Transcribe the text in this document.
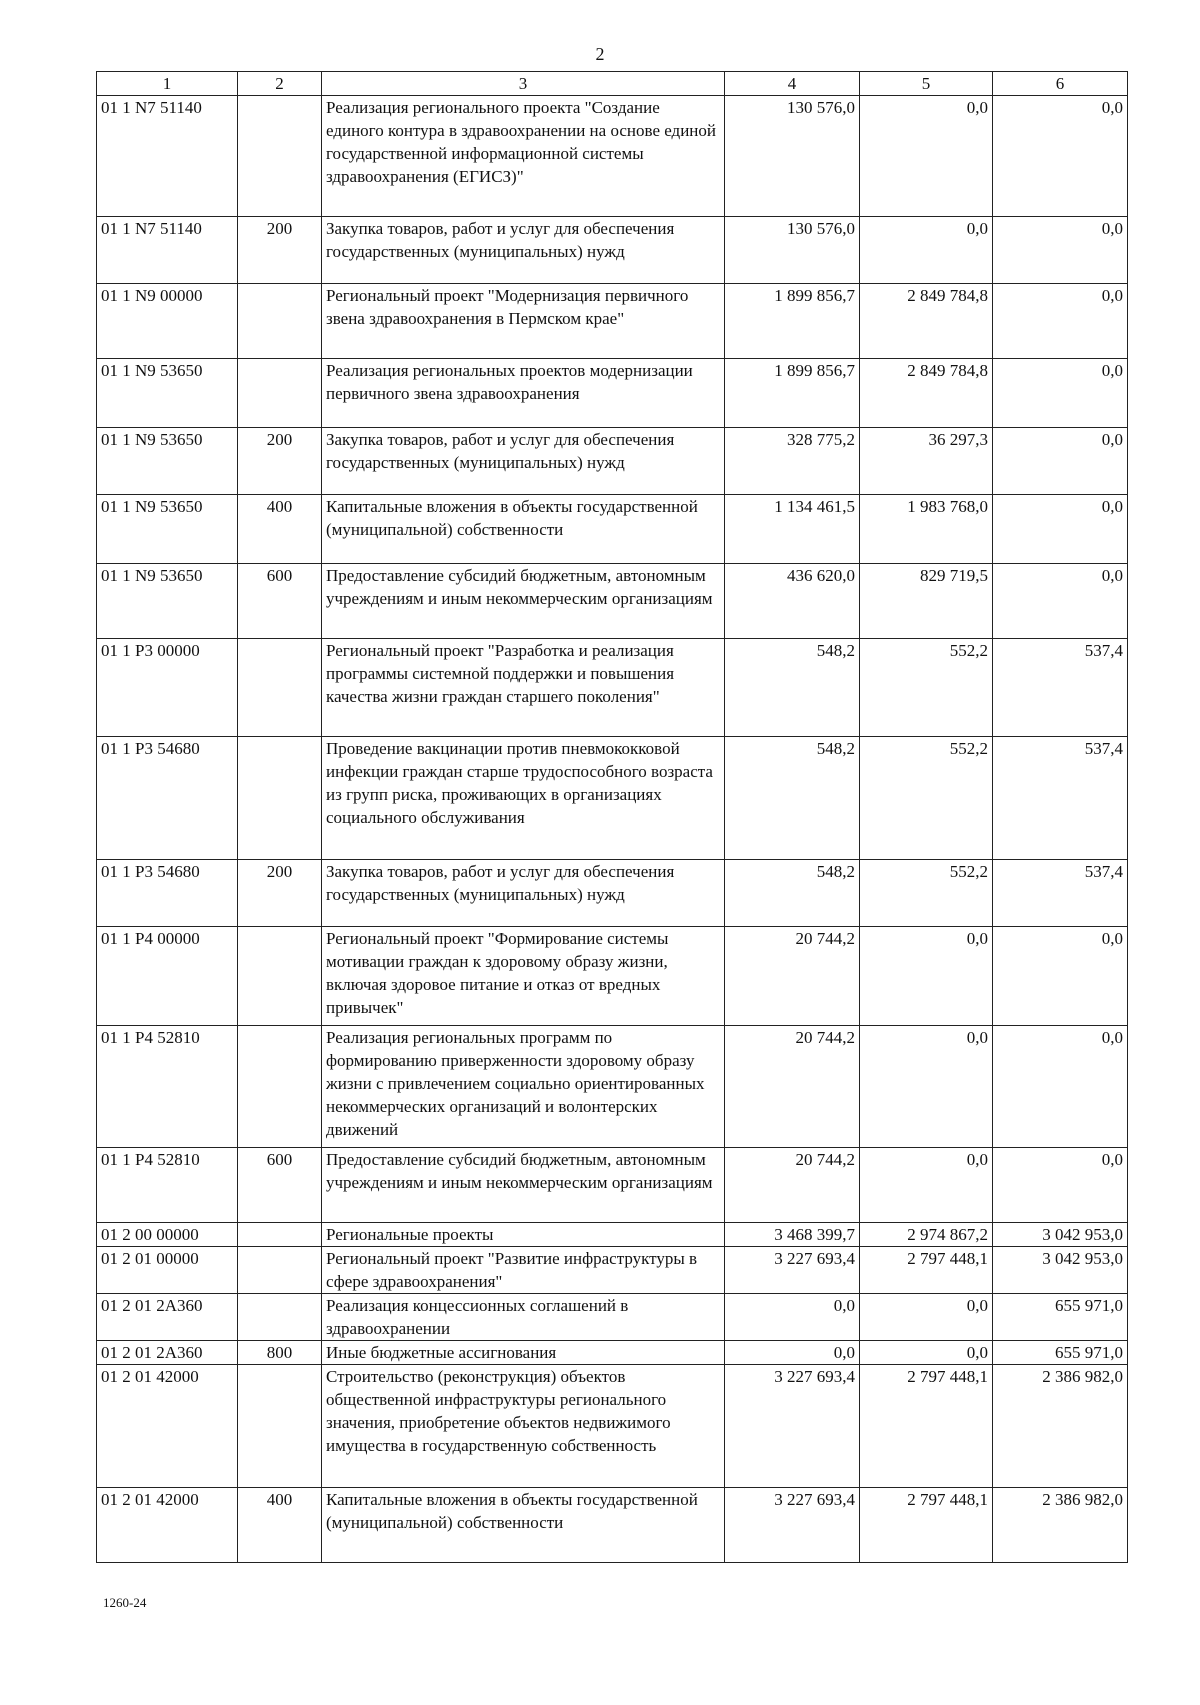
2
1	2	3	4	5	6
01 1 N7 51140		Реализация регионального проекта "Создание единого контура в здравоохранении на основе единой государственной информационной системы здравоохранения (ЕГИСЗ)"	130 576,0	0,0	0,0
01 1 N7 51140	200	Закупка товаров, работ и услуг для обеспечения государственных (муниципальных) нужд	130 576,0	0,0	0,0
01 1 N9 00000		Региональный проект "Модернизация первичного звена здравоохранения в Пермском крае"	1 899 856,7	2 849 784,8	0,0
01 1 N9 53650		Реализация региональных проектов модернизации первичного звена здравоохранения	1 899 856,7	2 849 784,8	0,0
01 1 N9 53650	200	Закупка товаров, работ и услуг для обеспечения государственных (муниципальных) нужд	328 775,2	36 297,3	0,0
01 1 N9 53650	400	Капитальные вложения в объекты государственной (муниципальной) собственности	1 134 461,5	1 983 768,0	0,0
01 1 N9 53650	600	Предоставление субсидий бюджетным, автономным учреждениям и иным некоммерческим организациям	436 620,0	829 719,5	0,0
01 1 P3 00000		Региональный проект "Разработка и реализация программы системной поддержки и повышения качества жизни граждан старшего поколения"	548,2	552,2	537,4
01 1 P3 54680		Проведение вакцинации против пневмококковой инфекции граждан старше трудоспособного возраста из групп риска, проживающих в организациях социального обслуживания	548,2	552,2	537,4
01 1 P3 54680	200	Закупка товаров, работ и услуг для обеспечения государственных (муниципальных) нужд	548,2	552,2	537,4
01 1 P4 00000		Региональный проект "Формирование системы мотивации граждан к здоровому образу жизни, включая здоровое питание и отказ от вредных привычек"	20 744,2	0,0	0,0
01 1 P4 52810		Реализация региональных программ по формированию приверженности здоровому образу жизни с привлечением социально ориентированных некоммерческих организаций и волонтерских движений	20 744,2	0,0	0,0
01 1 P4 52810	600	Предоставление субсидий бюджетным, автономным учреждениям и иным некоммерческим организациям	20 744,2	0,0	0,0
01 2 00 00000		Региональные проекты	3 468 399,7	2 974 867,2	3 042 953,0
01 2 01 00000		Региональный проект "Развитие инфраструктуры в сфере здравоохранения"	3 227 693,4	2 797 448,1	3 042 953,0
01 2 01 2A360		Реализация концессионных соглашений в здравоохранении	0,0	0,0	655 971,0
01 2 01 2A360	800	Иные бюджетные ассигнования	0,0	0,0	655 971,0
01 2 01 42000		Строительство (реконструкция) объектов общественной инфраструктуры регионального значения, приобретение объектов недвижимого имущества в государственную собственность	3 227 693,4	2 797 448,1	2 386 982,0
01 2 01 42000	400	Капитальные вложения в объекты государственной (муниципальной) собственности	3 227 693,4	2 797 448,1	2 386 982,0
1260-24
